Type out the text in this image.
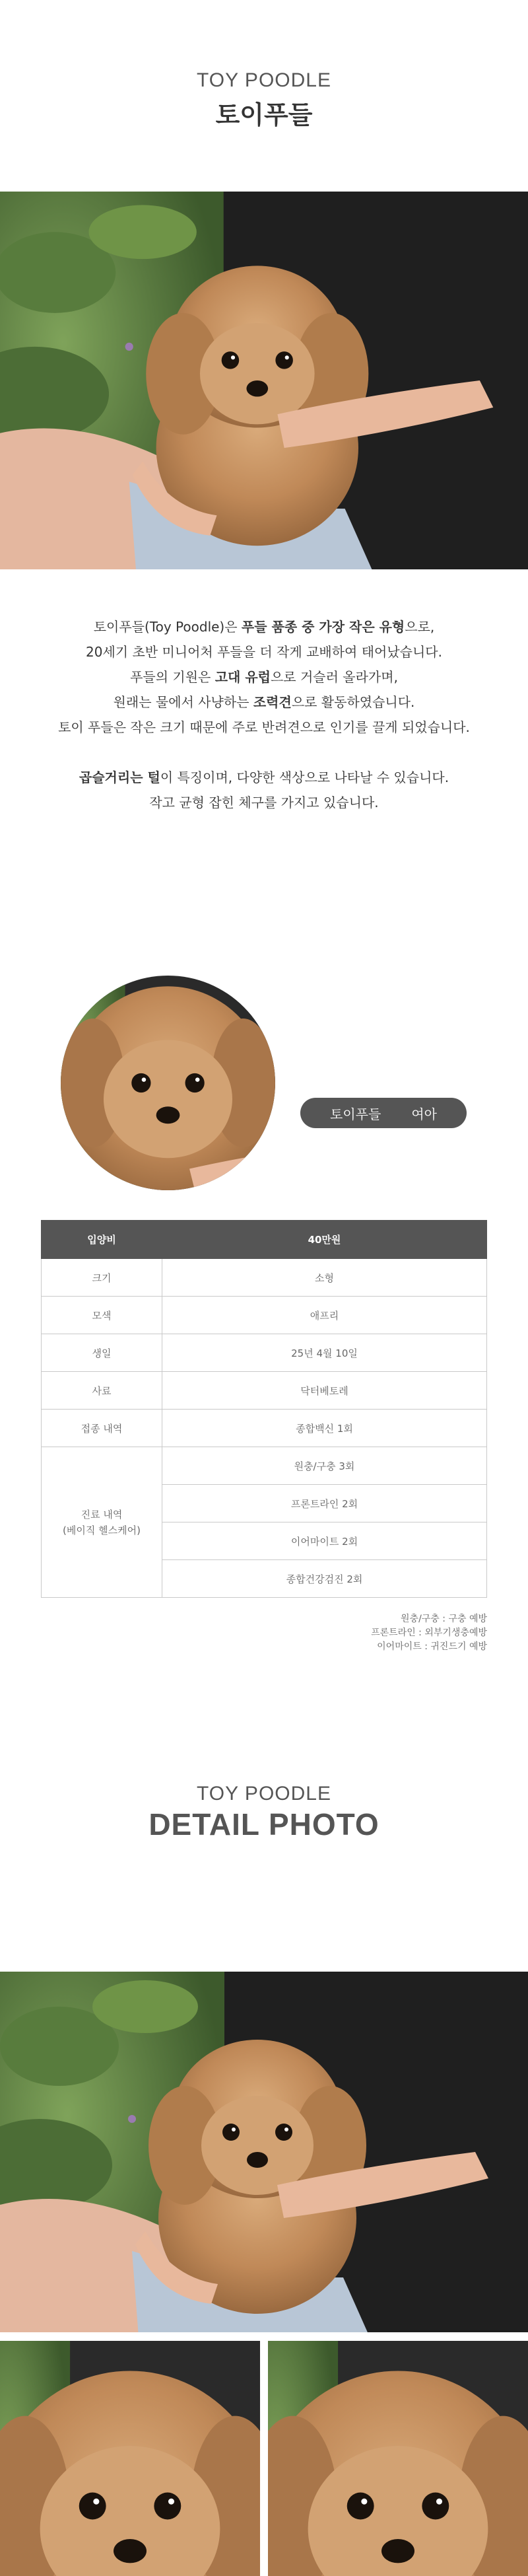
TOY POODLE
토이푸들

토이푸들(Toy Poodle)은 푸들 품종 중 가장 작은 유형으로,

20세기 초반 미니어처 푸들을 더 작게 교배하여 태어났습니다.

푸들의 기원은 고대 유럽으로 거슬러 올라가며,

원래는 물에서 사냥하는 조력견으로 활동하였습니다.

토이 푸들은 작은 크기 때문에 주로 반려견으로 인기를 끌게 되었습니다.

곱슬거리는 털이 특징이며, 다양한 색상으로 나타날 수 있습니다.

작고 균형 잡힌 체구를 가지고 있습니다.

토이푸들 여아
입양비	40만원
크기	소형
모색	애프리
생일	25년 4월 10일
사료	닥터베토레
접종 내역	종합백신 1회

진료 내역
(베이직 헬스케어)	원충/구충 3회
	프론트라인 2회
	이어마이트 2회
	종합건강검진 2회
원충/구충 : 구충 예방
프론트라인 : 외부기생충예방
이어마이트 : 귀진드기 예방
TOY POODLE
DETAIL PHOTO
